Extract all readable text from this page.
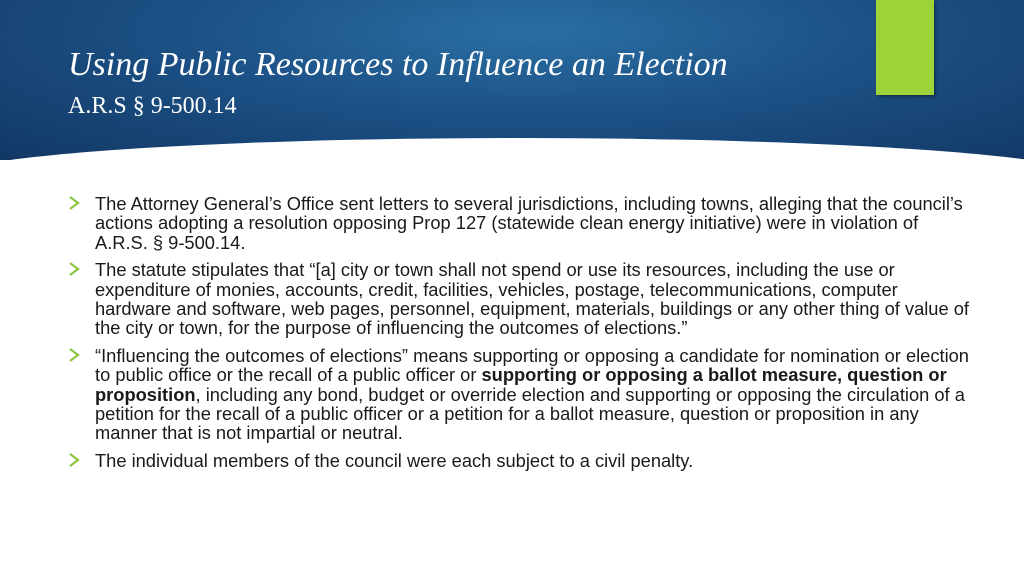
Using Public Resources to Influence an Election
A.R.S § 9-500.14
The Attorney General’s Office sent letters to several jurisdictions, including towns, alleging that the council’s actions adopting a resolution opposing Prop 127 (statewide clean energy initiative) were in violation of A.R.S. § 9-500.14.
The statute stipulates that “[a] city or town shall not spend or use its resources, including the use or expenditure of monies, accounts, credit, facilities, vehicles, postage, telecommunications, computer hardware and software, web pages, personnel, equipment, materials, buildings or any other thing of value of the city or town, for the purpose of influencing the outcomes of elections.”
“Influencing the outcomes of elections” means supporting or opposing a candidate for nomination or election to public office or the recall of a public officer or supporting or opposing a ballot measure, question or proposition, including any bond, budget or override election and supporting or opposing the circulation of a petition for the recall of a public officer or a petition for a ballot measure, question or proposition in any manner that is not impartial or neutral.
The individual members of the council were each subject to a civil penalty.
